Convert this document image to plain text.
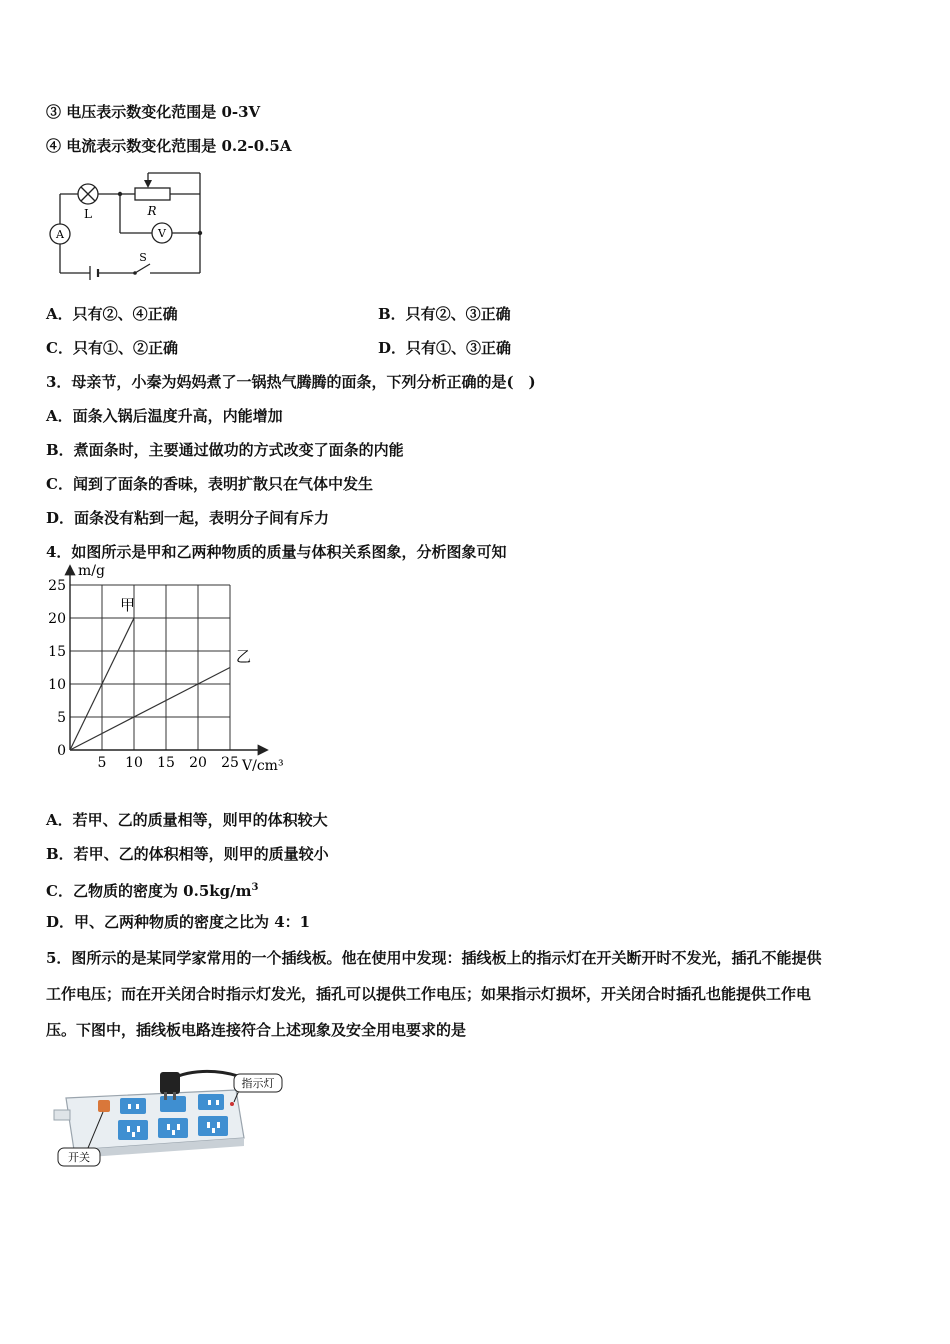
③ 电压表示数变化范围是 0-3V
④ 电流表示数变化范围是 0.2-0.5A
L	R
A	V
S
A．只有②、④正确	B．只有②、③正确
C．只有①、②正确	D．只有①、③正确
3．母亲节，小秦为妈妈煮了一锅热气腾腾的面条，下列分析正确的是(　)
A．面条入锅后温度升高，内能增加
B．煮面条时，主要通过做功的方式改变了面条的内能
C．闻到了面条的香味，表明扩散只在气体中发生
D．面条没有粘到一起，表明分子间有斥力
4．如图所示是甲和乙两种物质的质量与体积关系图象，分析图象可知
5 10 15 20 25
5
10
15
20
25
0
m/g
V/cm³
甲
乙
A．若甲、乙的质量相等，则甲的体积较大
B．若甲、乙的体积相等，则甲的质量较小
C．乙物质的密度为 $0.5kg/m^3$
D．甲、乙两种物质的密度之比为 4：1
5．图所示的是某同学家常用的一个插线板。他在使用中发现：插线板上的指示灯在开关断开时不发光，插孔不能提供
工作电压；而在开关闭合时指示灯发光，插孔可以提供工作电压；如果指示灯损坏，开关闭合时插孔也能提供工作电
压。下图中，插线板电路连接符合上述现象及安全用电要求的是
指示灯
开关
